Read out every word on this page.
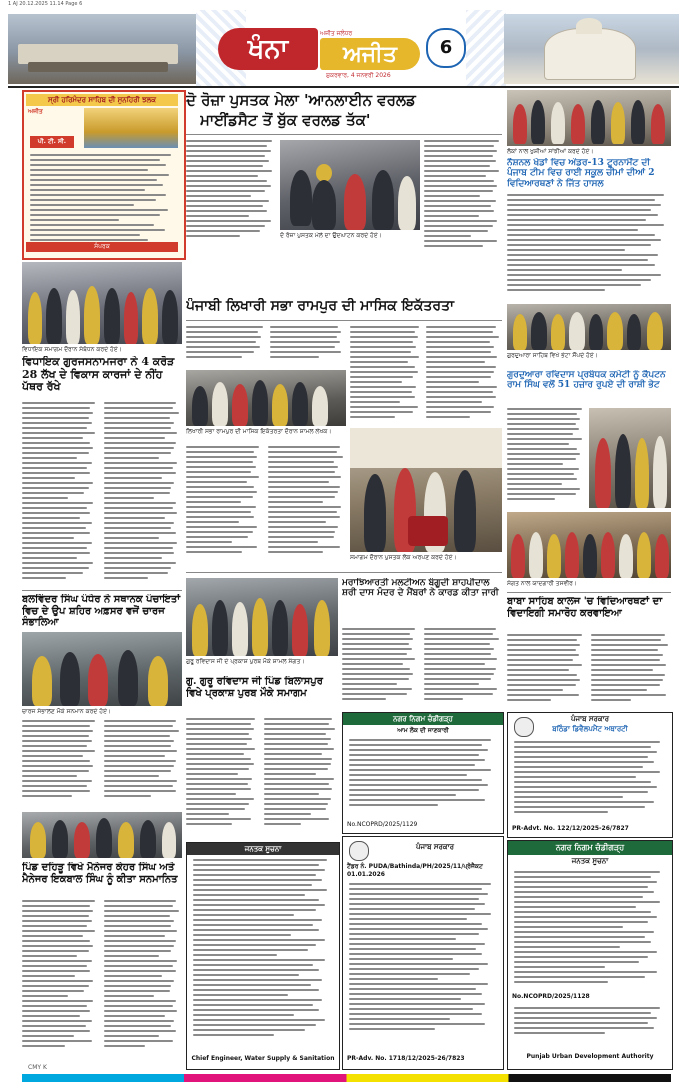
1 AJ 20.12.2025 11.14 Page 6
ਖੰਨਾ
ਅਜੀਤ ਜਲੰਧਰ
ਅਜੀਤ
ਸ਼ੁਕਰਵਾਰ, 4 ਜਨਵਰੀ 2026
6
ਸ੍ਰੀ ਹਰਿਮੰਦਰ ਸਾਹਿਬ ਦੀ ਸੁਨਹਿਰੀ ਝਲਕ
ਅਜੀਤ
ਪੀ. ਟੀ. ਸੀ.
ਸੰਪਰਕ
ਦੋ ਰੋਜ਼ਾ ਪੁਸਤਕ ਮੇਲਾ 'ਆਨਲਾਈਨ ਵਰਲਡ
ਮਾਈਂਡਸੈਟ ਤੋਂ ਬੁੱਕ ਵਰਲਡ ਤੱਕ'
ਦੋ ਰੋਜ਼ਾ ਪੁਸਤਕ ਮੇਲੇ ਦਾ ਉਦਘਾਟਨ ਕਰਦੇ ਹੋਏ।
ਲੋਕਾਂ ਨਾਲ ਖੁਸ਼ੀਆਂ ਸਾਂਝੀਆਂ ਕਰਦੇ ਹੋਏ।
ਨੈਸ਼ਨਲ ਖੇਡਾਂ ਵਿਚ ਅੰਡਰ-13 ਟੂਰਨਾਮੈਂਟ ਦੀ ਪੰਜਾਬ ਟੀਮ ਵਿਚ ਰਾਈ ਸਕੂਲ ਚੀਮਾਂ ਦੀਆਂ 2 ਵਿਦਿਆਰਥਣਾਂ ਨੇ ਜਿੱਤ ਹਾਸਲ
ਵਿਧਾਇਕ ਸਮਾਗਮ ਦੌਰਾਨ ਸੰਬੋਧਨ ਕਰਦੇ ਹੋਏ।
ਵਿਧਾਇਕ ਗੁਰਜਸਨਾਮਜਰਾ ਨੇ 4 ਕਰੋੜ 28 ਲੱਖ ਦੇ ਵਿਕਾਸ ਕਾਰਜਾਂ ਦੇ ਨੀਂਹ ਪੱਥਰ ਰੱਖੇ
ਪੰਜਾਬੀ ਲਿਖਾਰੀ ਸਭਾ ਰਾਮਪੁਰ ਦੀ ਮਾਸਿਕ ਇਕੱਤਰਤਾ
ਲਿਖਾਰੀ ਸਭਾ ਰਾਮਪੁਰ ਦੀ ਮਾਸਿਕ ਇਕੱਤਰਤਾ ਦੌਰਾਨ ਸ਼ਾਮਲ ਲੇਖਕ।
ਸਮਾਗਮ ਦੌਰਾਨ ਪੁਸਤਕ ਲੋਕ ਅਰਪਣ ਕਰਦੇ ਹੋਏ।
ਗੁਰਦੁਆਰਾ ਸਾਹਿਬ ਵਿਖੇ ਭੇਟਾ ਸੌਂਪਦੇ ਹੋਏ।
ਗੁਰਦੁਆਰਾ ਰਵਿਦਾਸ ਪ੍ਰਬੰਧਕ ਕਮੇਟੀ ਨੂੰ ਕੈਪਟਨ ਰਾਮ ਸਿੰਘ ਵਲੋਂ 51 ਹਜ਼ਾਰ ਰੁਪਏ ਦੀ ਰਾਸ਼ੀ ਭੇਟ
ਸੰਗਤ ਨਾਲ ਯਾਦਗਾਰੀ ਤਸਵੀਰ।
ਬਲਵਿੰਦਰ ਸਿੰਘ ਪੰਧੇਰ ਨੇ ਸਥਾਨਕ ਪੰਚਾਇਤਾਂ ਵਿਚ ਦੇ ਉਪ ਸ਼ਹਿਰ ਅਫ਼ਸਰ ਵਜੋਂ ਚਾਰਜ ਸੰਭਾਲਿਆ
ਚਾਰਜ ਸੰਭਾਲਣ ਮੌਕੇ ਸਨਮਾਨ ਕਰਦੇ ਹੋਏ।
ਪਿੰਡ ਦਹਿੜੂ ਵਿਖੇ ਮੈਨੇਜਰ ਕੇਹਰ ਸਿੰਘ ਅਤੇ ਮੈਨੇਜਰ ਇਕਬਾਲ ਸਿੰਘ ਨੂੰ ਕੀਤਾ ਸਨਮਾਨਿਤ
ਗੁਰੂ ਰਵਿਦਾਸ ਜੀ ਦੇ ਪ੍ਰਕਾਸ਼ ਪੁਰਬ ਮੌਕੇ ਸ਼ਾਮਲ ਸੰਗਤ।
ਗੁ. ਗੁਰੂ ਰਵਿਦਾਸ ਜੀ ਪਿੰਡ ਬਿਲਾਸਪੁਰ ਵਿਖੇ ਪ੍ਰਕਾਸ਼ ਪੁਰਬ ਮੌਕੇ ਸਮਾਗਮ
ਮਰਾਝਿਆਰਤੀ ਮਲਟੀਅਨ ਬੰਗੂਦੀ ਸ਼ਾਹਪੀਦਾਲ ਸ਼ਰੀ ਦਾਸ ਮੰਦਰ ਦੇ ਮੈਂਬਰਾਂ ਨੇ ਕਾਰਡ ਕੀਤਾ ਜਾਰੀ
ਬਾਬਾ ਸਾਹਿਬ ਕਾਲਜ 'ਚ ਵਿਦਿਆਰਥਣਾਂ ਦਾ ਵਿਦਾਇਗੀ ਸਮਾਰੋਹ ਕਰਵਾਇਆ
ਨਗਰ ਨਿਗਮ ਚੰਡੀਗੜ੍ਹ
ਆਮ ਲੋਕ ਦੀ ਜਾਣਕਾਰੀ
No.NCOPRD/2025/1129
ਪੰਜਾਬ ਸਰਕਾਰ
ਬਠਿੰਡਾ ਡਿਵੈਲਪਮੈਂਟ ਅਥਾਰਟੀ
PR-Advt. No. 122/12/2025-26/7827
ਪੰਜਾਬ ਸਰਕਾਰ
ਟੈਂਡਰ ਨੰ. PUDA/Bathinda/PH/2025/11/ਪ੍ਰੋਜੈਕਟ 01.01.2026
PR-Adv. No. 1718/12/2025-26/7823
ਜਨਤਕ ਸੂਚਨਾ
Chief Engineer, Water Supply & Sanitation
ਨਗਰ ਨਿਗਮ ਚੰਡੀਗੜ੍ਹ
ਜਨਤਕ ਸੂਚਨਾ
No.NCOPRD/2025/1128
Punjab Urban Development Authority
CMY K
